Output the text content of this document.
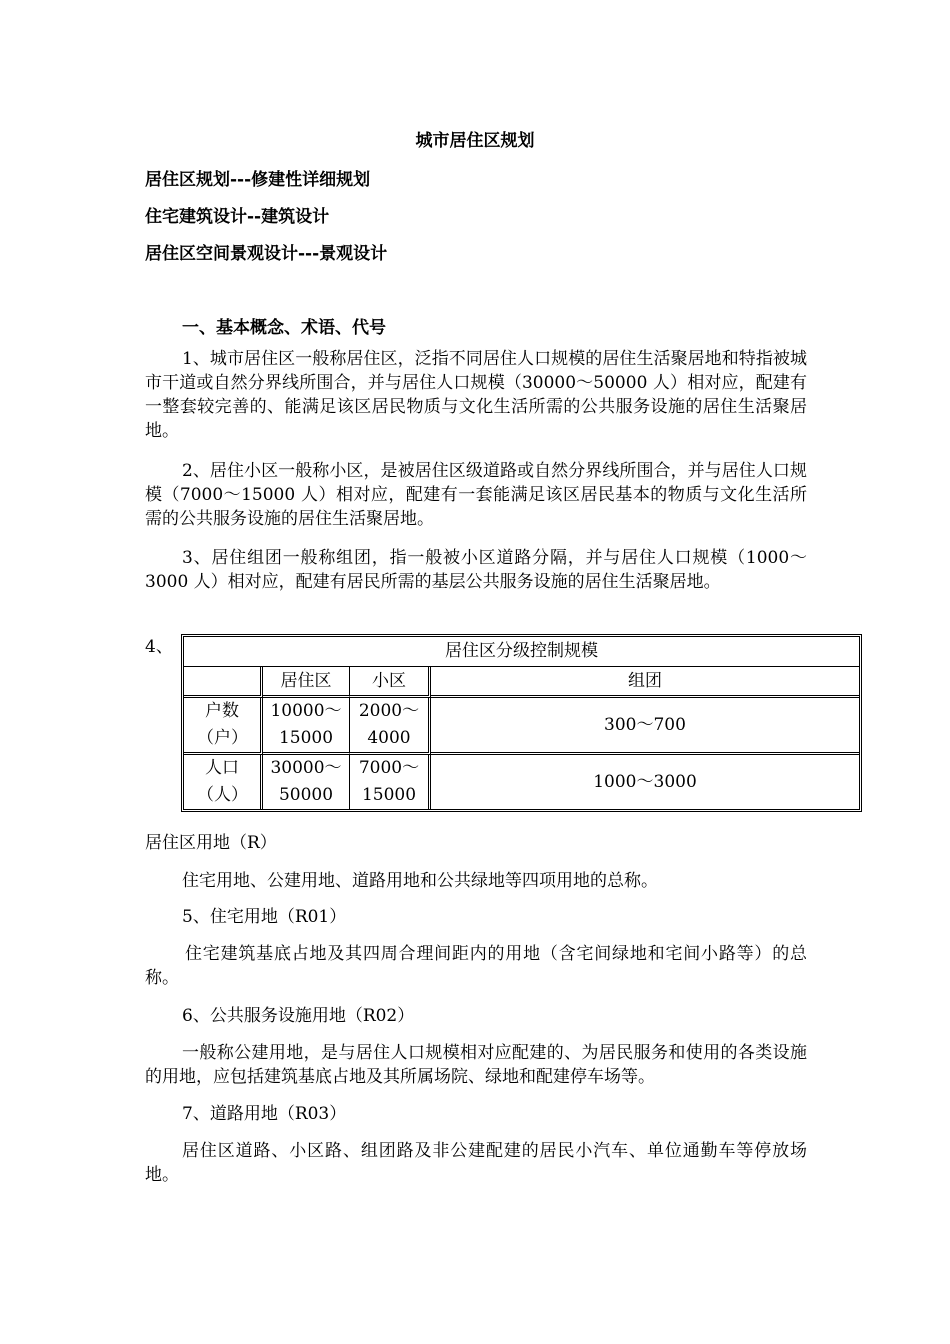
城市居住区规划
居住区规划---修建性详细规划
住宅建筑设计--建筑设计
居住区空间景观设计---景观设计
一、基本概念、术语、代号
1、城市居住区一般称居住区，泛指不同居住人口规模的居住生活聚居地和特指被城市干道或自然分界线所围合，并与居住人口规模（30000～50000 人）相对应，配建有一整套较完善的、能满足该区居民物质与文化生活所需的公共服务设施的居住生活聚居地。
2、居住小区一般称小区，是被居住区级道路或自然分界线所围合，并与居住人口规模（7000～15000 人）相对应，配建有一套能满足该区居民基本的物质与文化生活所需的公共服务设施的居住生活聚居地。
3、居住组团一般称组团，指一般被小区道路分隔，并与居住人口规模（1000～3000 人）相对应，配建有居民所需的基层公共服务设施的居住生活聚居地。
4、	居住区分级控制规模			
	居住区	小区	组团

户数（户）	10000～15000	2000～4000	300～700

人口（人）	30000～50000	7000～15000	1000～3000
居住区用地（R）
住宅用地、公建用地、道路用地和公共绿地等四项用地的总称。
5、住宅用地（R01）
住宅建筑基底占地及其四周合理间距内的用地（含宅间绿地和宅间小路等）的总称。
6、公共服务设施用地（R02）
一般称公建用地，是与居住人口规模相对应配建的、为居民服务和使用的各类设施的用地，应包括建筑基底占地及其所属场院、绿地和配建停车场等。
7、道路用地（R03）
居住区道路、小区路、组团路及非公建配建的居民小汽车、单位通勤车等停放场地。
